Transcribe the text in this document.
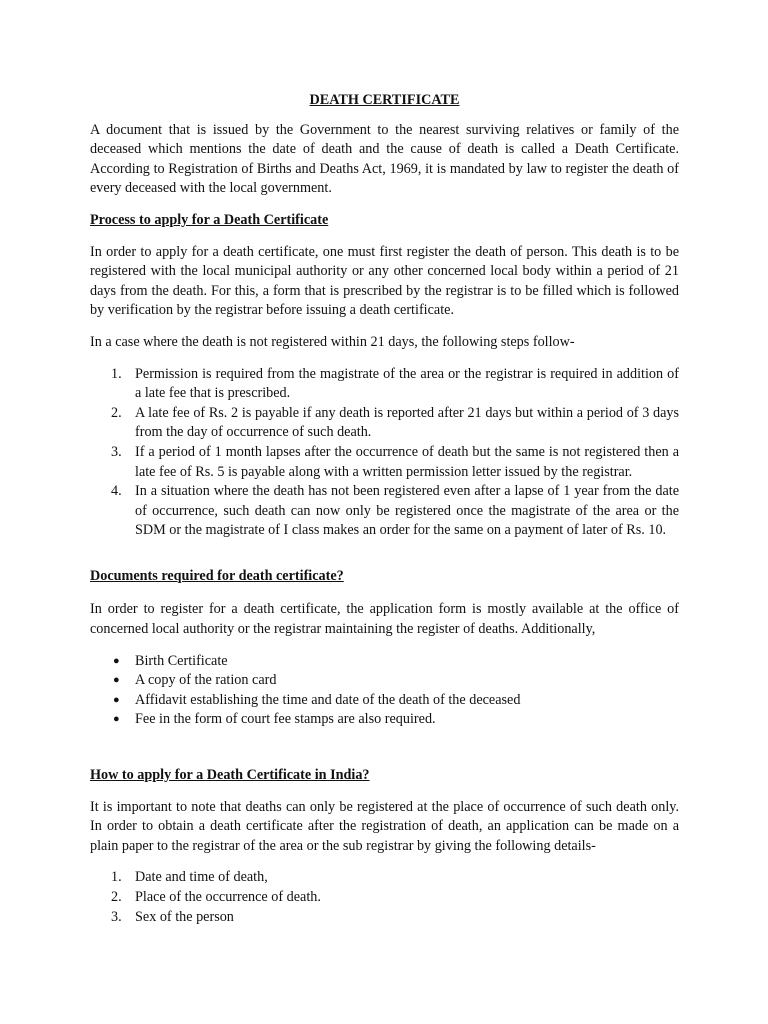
DEATH CERTIFICATE

A document that is issued by the Government to the nearest surviving relatives or family of the deceased which mentions the date of death and the cause of death is called a Death Certificate. According to Registration of Births and Deaths Act, 1969, it is mandated by law to register the death of every deceased with the local government.

Process to apply for a Death Certificate

In order to apply for a death certificate, one must first register the death of person. This death is to be registered with the local municipal authority or any other concerned local body within a period of 21 days from the death. For this, a form that is prescribed by the registrar is to be filled which is followed by verification by the registrar before issuing a death certificate.

In a case where the death is not registered within 21 days, the following steps follow-

1. Permission is required from the magistrate of the area or the registrar is required in addition of a late fee that is prescribed.
2. A late fee of Rs. 2 is payable if any death is reported after 21 days but within a period of 3 days from the day of occurrence of such death.
3. If a period of 1 month lapses after the occurrence of death but the same is not registered then a late fee of Rs. 5 is payable along with a written permission letter issued by the registrar.
4. In a situation where the death has not been registered even after a lapse of 1 year from the date of occurrence, such death can now only be registered once the magistrate of the area or the SDM or the magistrate of I class makes an order for the same on a payment of later of Rs. 10.
Documents required for death certificate?

In order to register for a death certificate, the application form is mostly available at the office of concerned local authority or the registrar maintaining the register of deaths. Additionally,

● Birth Certificate
● A copy of the ration card
● Affidavit establishing the time and date of the death of the deceased
● Fee in the form of court fee stamps are also required.
How to apply for a Death Certificate in India?

It is important to note that deaths can only be registered at the place of occurrence of such death only. In order to obtain a death certificate after the registration of death, an application can be made on a plain paper to the registrar of the area or the sub registrar by giving the following details-

1. Date and time of death,
2. Place of the occurrence of death.
3. Sex of the person
